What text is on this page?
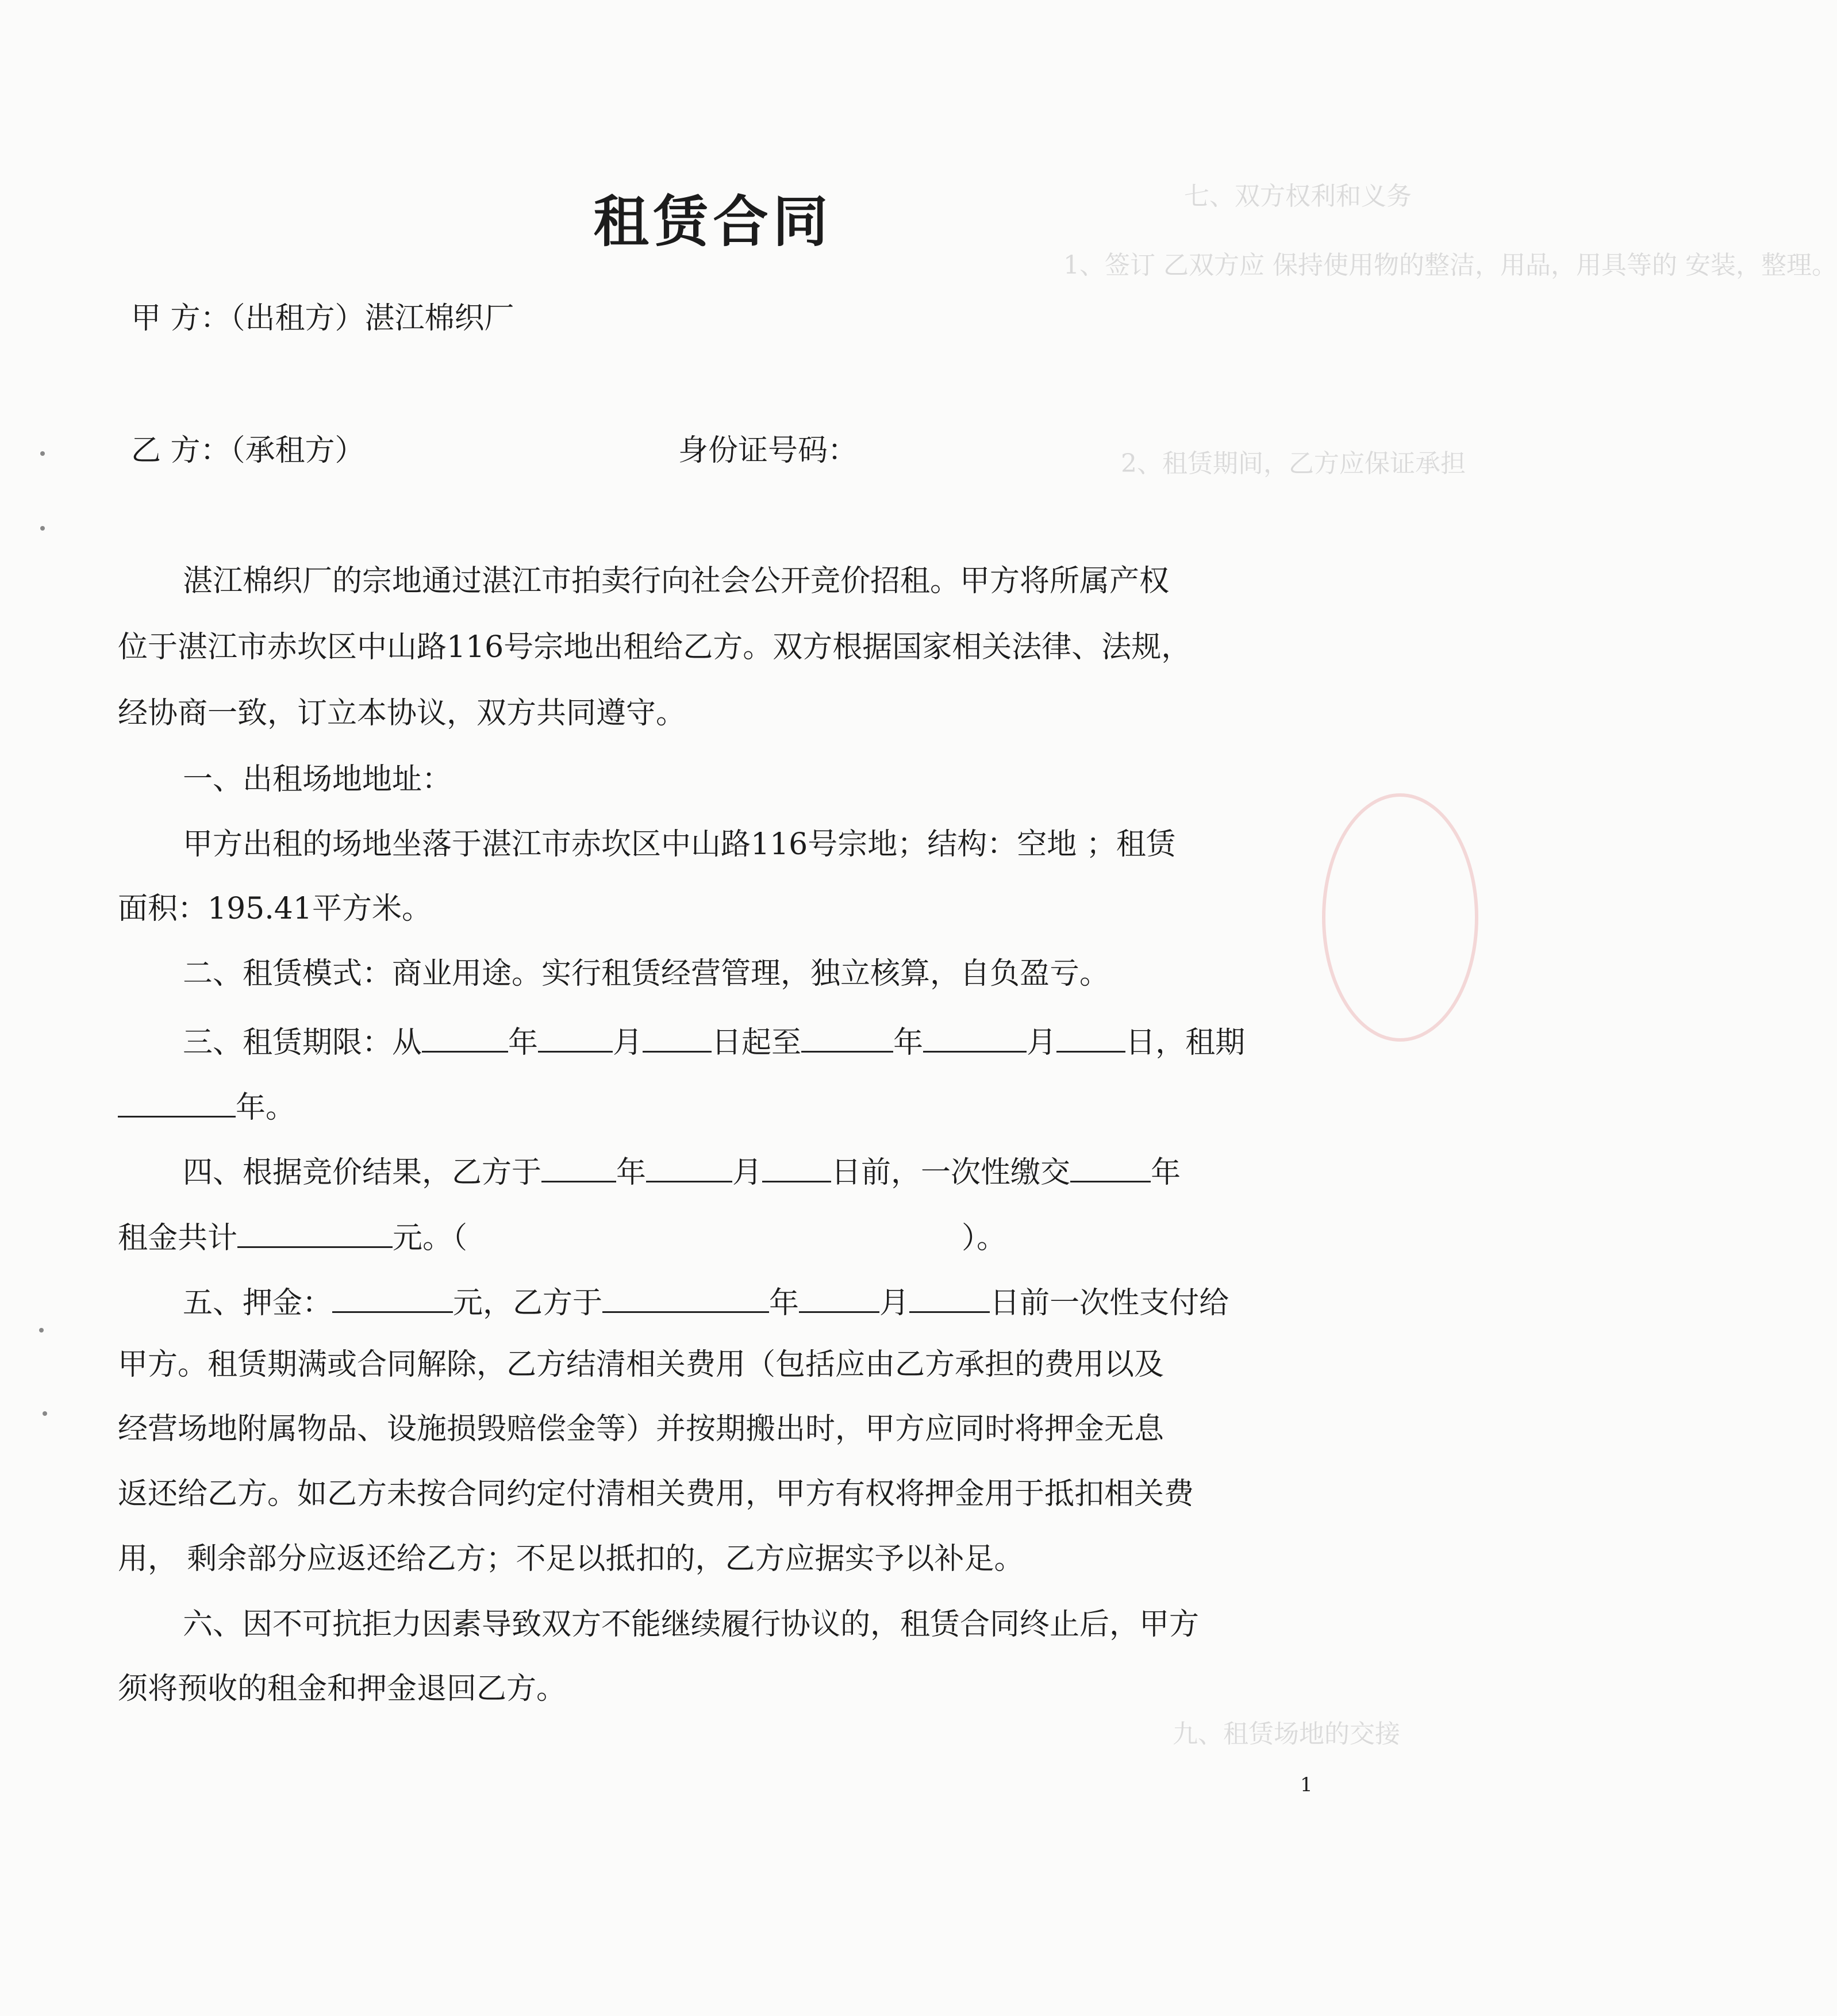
七、双方权利和义务
1、签订 乙双方应 保持使用物的整洁，用品，用具等的 安装，整理。
2、租赁期间，乙方应保证承担
九、租赁场地的交接
租赁合同
甲 方：（出租方）湛江棉织厂
乙 方：（承租方）	身份证号码：
湛江棉织厂的宗地通过湛江市拍卖行向社会公开竞价招租。甲方将所属产权
位于湛江市赤坎区中山路116号宗地出租给乙方。双方根据国家相关法律、法规，
经协商一致，订立本协议，双方共同遵守。
一、出租场地地址：
甲方出租的场地坐落于湛江市赤坎区中山路116号宗地；结构：空地 ；租赁
面积：195.41平方米。
二、租赁模式：商业用途。实行租赁经营管理，独立核算，自负盈亏。
三、租赁期限：从	年	月 日起至	年	月 日，租期
年。
四、根据竞价结果，乙方于	年	月 日前，一次性缴交	年
租金共计	元。（	）。
五、押金：	元，乙方于	年	月	日前一次性支付给
甲方。租赁期满或合同解除，乙方结清相关费用（包括应由乙方承担的费用以及
经营场地附属物品、设施损毁赔偿金等）并按期搬出时，甲方应同时将押金无息
返还给乙方。如乙方未按合同约定付清相关费用，甲方有权将押金用于抵扣相关费
用， 剩余部分应返还给乙方；不足以抵扣的，乙方应据实予以补足。
六、因不可抗拒力因素导致双方不能继续履行协议的，租赁合同终止后，甲方
须将预收的租金和押金退回乙方。
1
